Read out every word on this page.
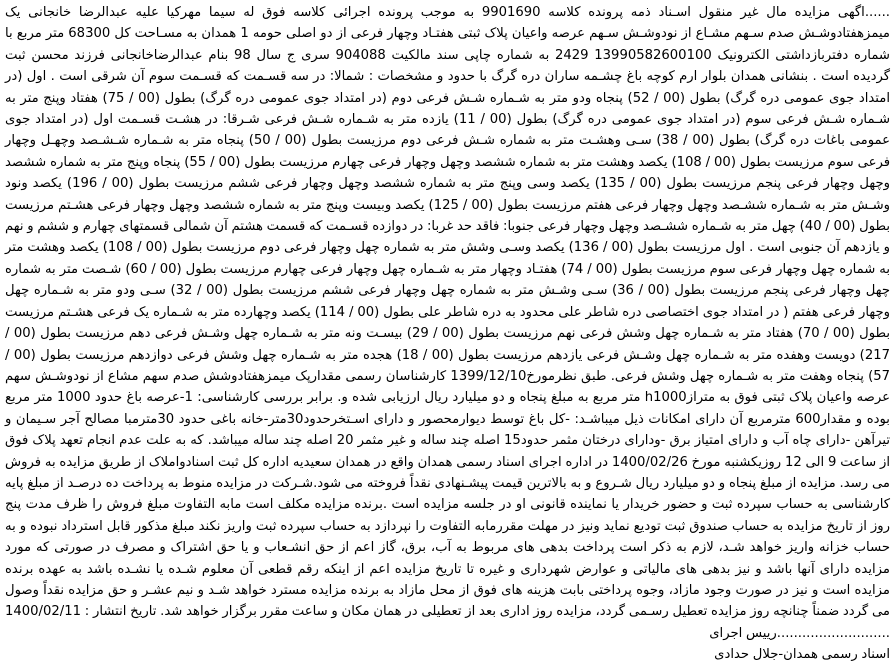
......اگهی مزایده مال غیر منقول اسـناد ذمه پرونده کلاسه 9901690 به موجب پرونده اجرائی کلاسه فوق له سیما مهرکیا علیه عبدالرضا خانجانی یک میمزهفتادوشـش صدم سـهم مشـاع از نودوشـش سـهم عرصه واعیان پلاک ثبتی هفتـاد وچهار فرعی از دو اصلی حومه 1 همدان به مسـاحت کل 68300 متر مربع با شماره دفتربازداشتی الکترونیک 13990582600100 2429 به شماره چاپی سند مالکیت 904088 سری ج سال 98 بنام عبدالرضاخانجانی فرزند محسن ثبت گردیده است . بنشانی همدان بلوار ارم کوچه باغ چشـمه ساران دره گرگ با حدود و مشخصات : شمالا: در سه قسـمت که قسـمت سوم آن شرقی است . اول (در امتداد جوی عمومی دره گرگ) بطول (00 / 52) پنجاه ودو متر به شـماره شـش فرعی دوم (در امتداد جوی عمومی دره گرگ) بطول (00 / 75) هفتاد وپنج متر به شـماره شـش فرعی سوم (در امتداد جوی عمومی دره گرگ) بطول (00 / 11) یازده متر به شـماره شـش فرعی شـرقا: در هشـت قسـمت اول (در امتداد جوی عمومی باغات دره گرگ) بطول (00 / 38) سـی وهشـت متر به شماره شـش فرعی دوم مرزیست بطول (00 / 50) پنجاه متر به شـماره شـشـصد وچهـل وچهار فرعی سوم مرزیست بطول (00 / 108) یکصد وهشت متر به شماره ششصد وچهل وچهار فرعی چهارم مرزیست بطول (00 / 55) پنجاه وپنج متر به شماره ششصد وچهل وچهار فرعی پنجم مرزیست بطول (00 / 135) یکصد وسی وپنج متر به شماره ششصد وچهل وچهار فرعی ششم مرزیست بطول (00 / 196) یکصد ونود وشـش متر به شـماره ششـصد وچهل وچهار فرعی هفتم مرزیست بطول (00 / 125) یکصد وبیست وپنج متر به شماره ششصد وچهل وچهار فرعی هشـتم مرزیست بطول (00 / 40) چهل متر به شـماره ششـصد وچهل وچهار فرعی جنوبا: فاقد حد غربا: در دوازده قسـمت که قسمت هشتم آن شمالی قسمتهای چهارم و ششم و نهم و یازدهم آن جنوبی است . اول مرزیست بطول (00 / 136) یکصد وسـی وشش متر به شماره چهل وچهار فرعی دوم مرزیست بطول (00 / 108) یکصد وهشت متر به شماره چهل وچهار فرعی سوم مرزیست بطول (00 / 74) هفتـاد وچهار متر به شـماره چهل وچهار فرعی چهارم مرزیست بطول (00 / 60) شـصت متر به شماره چهل وچهار فرعی پنجم مرزیست بطول (00 / 36) سـی وشـش متر به شماره چهل وچهار فرعی ششم مرزیست بطول (00 / 32) سـی ودو متر به شـماره چهل وچهار فرعی هفتم ( در امتداد جوی اختصاصی دره شاطر علی محدود به دره شاطر علی بطول (00 / 114) یکصد وچهارده متر به شـماره یک فرعی هشـتم مرزیست بطول (00 / 70) هفتاد متر به شـماره چهل وشش فرعی نهم مرزیست بطول (00 / 29) بیسـت ونه متر به شـماره چهل وشـش فرعی دهم مرزیست بطول (00 / 217) دویست وهفده متر به شـماره چهل وشـش فرعی یازدهم مرزیست بطول (00 / 18) هجده متر به شـماره چهل وشش فرعی دوازدهم مرزیست بطول (00 / 57) پنجاه وهفت متر به شـماره چهل وشش فرعی. طبق نظرمورخ1399/12/10 کارشناسان رسمی مقدارپک میمزهفتادوشش صدم سهم مشاع از نودوشـش سهم عرصه واعیان پلاک ثبتی فوق به مترازh1000 متر مربع به مبلغ پنجاه و دو میلیارد ریال ارزیابی شده و. برابر بررسی کارشناسی: 1-عرصه باغ حدود 1000 متر مربع بوده و مقدار600 مترمربع آن دارای امکانات ذیل میباشـد: -کل باغ توسط دیوارمحصور و دارای اسـتخرحدود30متر-خانه باغی حدود 30مترمبا مصالح آجر سـیمان و تیرآهن -دارای چاه آب و دارای امتیاز برق -ودارای درختان مثمر حدود15 اصله چند ساله و غیر مثمر 20 اصله چند ساله میباشد. که به علت عدم انجام تعهد پلاک فوق از ساعت 9 الی 12 روزیکشنبه مورخ 1400/02/26 در اداره اجرای اسناد رسمی همدان واقع در همدان سعیدیه اداره کل ثبت اسنادواملاک از طریق مزایده به فروش می رسد. مزایده از مبلغ پنجاه و دو میلیارد ریال شـروع و به بالاترین قیمت پیشـنهادی نقداً فروخته می شود.شـرکت در مزایده منوط به پرداخت ده درصـد از مبلغ پایه کارشناسی به حساب سپرده ثبت و حضور خریدار یا نماینده قانونی او در جلسه مزایده است .برنده مزایده مکلف است مابه التفاوت مبلغ فروش را ظرف مدت پنج روز از تاریخ مزایده به حساب صندوق ثبت تودیع نماید ونیز در مهلت مقررمابه التفاوت را نپردازد به حساب سپرده ثبت واریز نکند مبلغ مذکور قابل استرداد نبوده و به حساب خزانه واریز خواهد شـد، لازم به ذکر است پرداخت بدهی های مربوط به آب، برق، گاز اعم از حق انشـعاب و یا حق اشتراک و مصرف در صورتی که مورد مزایده دارای آنها باشد و نیز بدهی های مالیاتی و عوارض شهرداری و غیره تا تاریخ مزایده اعم از اینکه رقم قطعی آن معلوم شـده یا نشـده باشد به عهده برنده مزایده است و نیز در صورت وجود مازاد، وجوه پرداختی بابت هزینه های فوق از محل مازاد به برنده مزایده مسترد خواهد شـد و نیم عشـر و حق مزایده نقداً وصول می گردد ضمناً چنانچه روز مزایده تعطیل رسـمی گردد، مزایده روز اداری بعد از تعطیلی در همان مکان و ساعت مقرر برگزار خواهد شد. تاریخ انتشار : 1400/02/11 ...........................رییس اجرای

اسناد رسمی همدان-جلال حدادی
